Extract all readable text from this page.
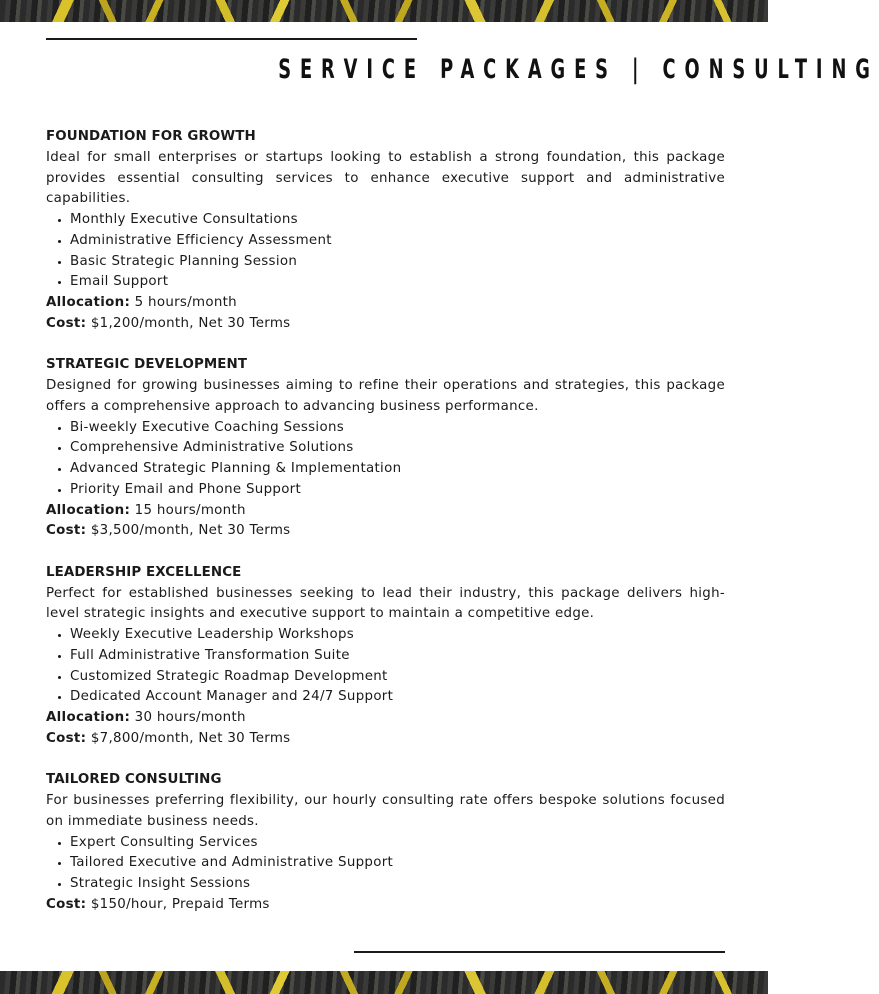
SERVICE PACKAGES | CONSULTING

FOUNDATION FOR GROWTH

Ideal for small enterprises or startups looking to establish a strong foundation, this package provides essential consulting services to enhance executive support and administrative capabilities.

• Monthly Executive Consultations
• Administrative Efficiency Assessment
• Basic Strategic Planning Session
• Email Support

Allocation: 5 hours/month

Cost: $1,200/month, Net 30 Terms

STRATEGIC DEVELOPMENT

Designed for growing businesses aiming to refine their operations and strategies, this package offers a comprehensive approach to advancing business performance.

• Bi-weekly Executive Coaching Sessions
• Comprehensive Administrative Solutions
• Advanced Strategic Planning & Implementation
• Priority Email and Phone Support

Allocation: 15 hours/month

Cost: $3,500/month, Net 30 Terms

LEADERSHIP EXCELLENCE

Perfect for established businesses seeking to lead their industry, this package delivers high-level strategic insights and executive support to maintain a competitive edge.

• Weekly Executive Leadership Workshops
• Full Administrative Transformation Suite
• Customized Strategic Roadmap Development
• Dedicated Account Manager and 24/7 Support

Allocation: 30 hours/month

Cost: $7,800/month, Net 30 Terms

TAILORED CONSULTING

For businesses preferring flexibility, our hourly consulting rate offers bespoke solutions focused on immediate business needs.

• Expert Consulting Services
• Tailored Executive and Administrative Support
• Strategic Insight Sessions

Cost: $150/hour, Prepaid Terms
